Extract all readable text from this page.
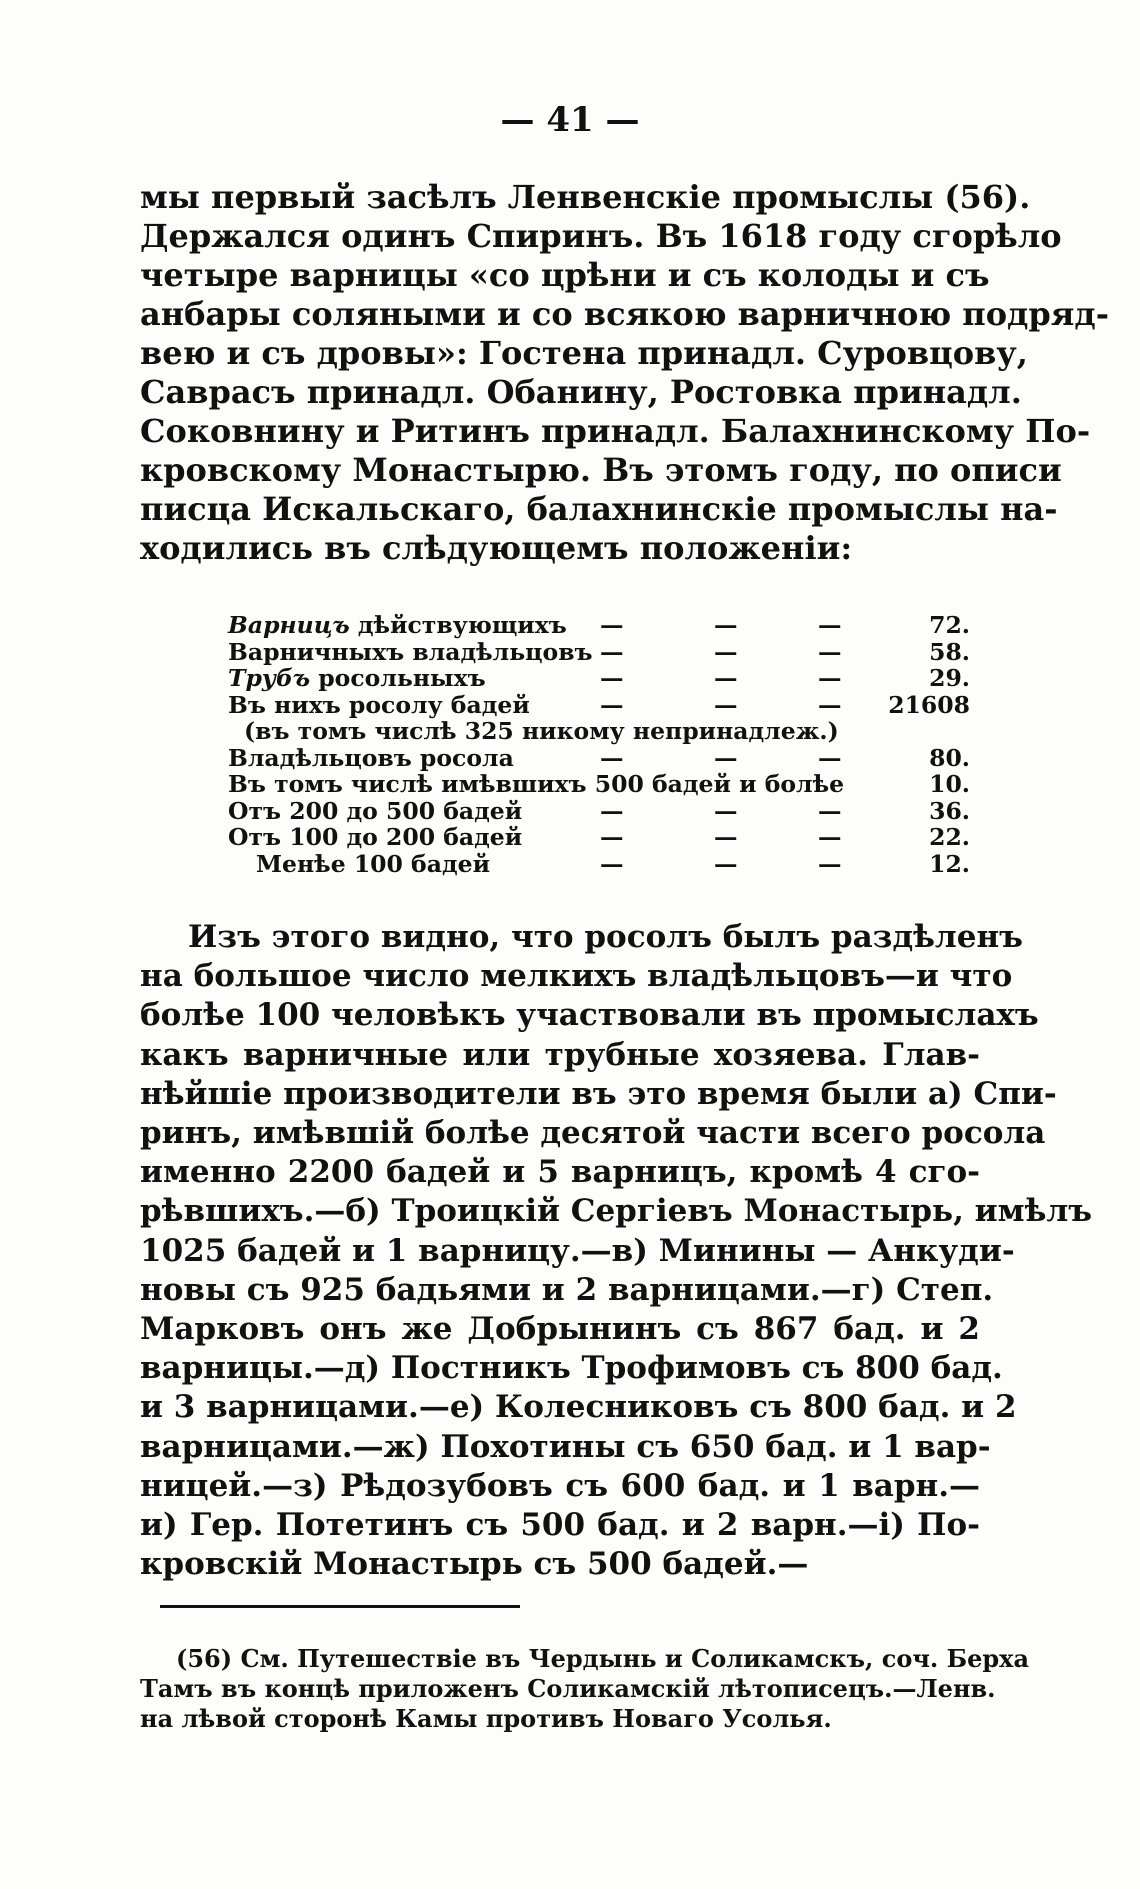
— 41 —
мы первый засѣлъ Ленвенскіе промыслы (56).
Держался одинъ Спиринъ. Въ 1618 году сгорѣло
четыре варницы «со црѣни и съ колоды и съ
анбары соляными и со всякою варничною подряд-
вею и съ дровы»: Гостена принадл. Суровцову,
Саврасъ принадл. Обанину, Ростовка принадл.
Соковнину и Ритинъ принадл. Балахнинскому По-
кровскому Монастырю. Въ этомъ году, по описи
писца Искальскаго, балахнинскіе промыслы на-
ходились въ слѣдующемъ положеніи:
Варницъ дѣйствующихъ —	—	—	72.
Варничныхъ владѣльцовъ —	—	—	58.
Трубъ росольныхъ	—	—	—	29.
Въ нихъ росолу бадей	—	—	— 21608
(въ томъ числѣ 325 никому непринадлеж.)
Владѣльцовъ росола	—	—	—	80.
Въ томъ числѣ имѣвшихъ 500 бадей и болѣе	10.
Отъ 200 до 500 бадей	—	—	—	36.
Отъ 100 до 200 бадей	—	—	—	22.
Менѣе 100 бадей	—	—	—	12.
Изъ этого видно, что росолъ былъ раздѣленъ
на большое число мелкихъ владѣльцовъ—и что
болѣе 100 человѣкъ участвовали въ промыслахъ
какъ варничные или трубные хозяева. Глав-
нѣйшіе производители въ это время были а) Спи-
ринъ, имѣвшій болѣе десятой части всего росола
именно 2200 бадей и 5 варницъ, кромѣ 4 сго-
рѣвшихъ.—б) Троицкій Сергіевъ Монастырь, имѣлъ
1025 бадей и 1 варницу.—в) Минины — Анкуди-
новы съ 925 бадьями и 2 варницами.—г) Степ.
Марковъ онъ же Добрынинъ съ 867 бад. и 2
варницы.—д) Постникъ Трофимовъ съ 800 бад.
и 3 варницами.—е) Колесниковъ съ 800 бад. и 2
варницами.—ж) Похотины съ 650 бад. и 1 вар-
ницей.—з) Рѣдозубовъ съ 600 бад. и 1 варн.—
и) Гер. Потетинъ съ 500 бад. и 2 варн.—і) По-
кровскій Монастырь съ 500 бадей.—
(56) См. Путешествіе въ Чердынь и Соликамскъ, соч. Берха
Тамъ въ концѣ приложенъ Соликамскій лѣтописецъ.—Ленв.
на лѣвой сторонѣ Камы противъ Новаго Усолья.
